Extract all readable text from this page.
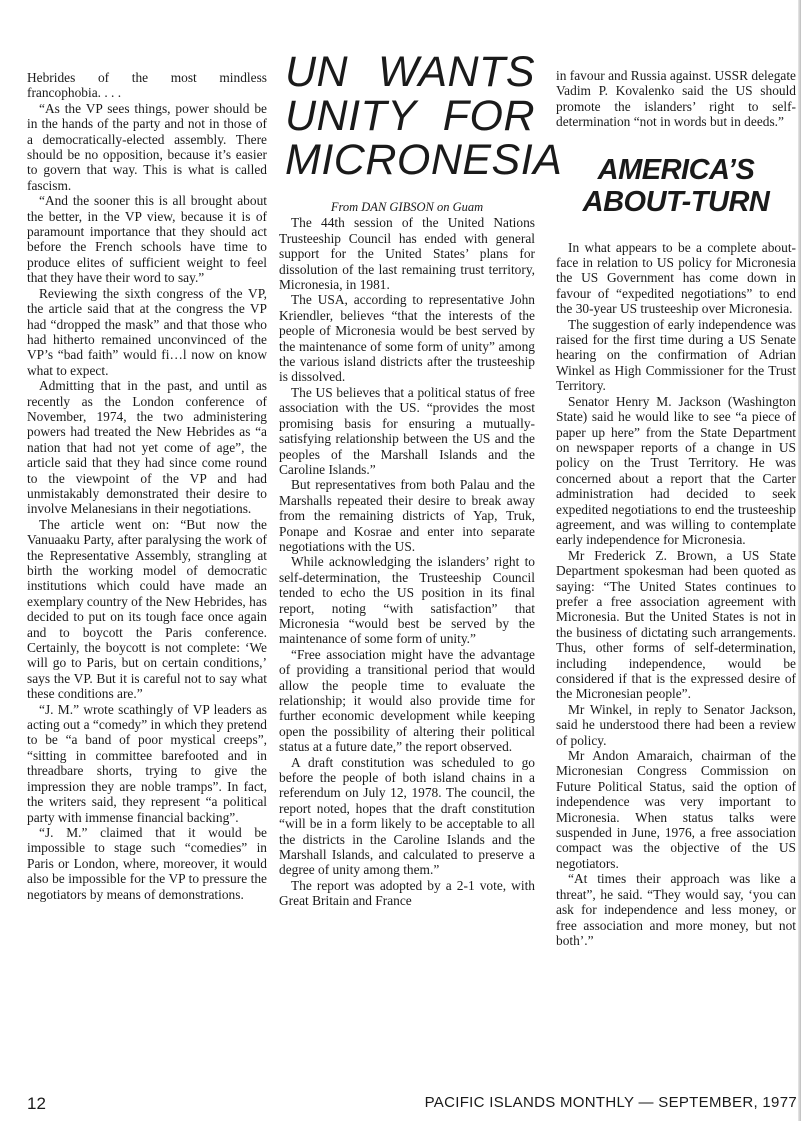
Hebrides of the most mindless francophobia. . . .

“As the VP sees things, power should be in the hands of the party and not in those of a democratically-elected assembly. There should be no opposition, because it’s easier to govern that way. This is what is called fascism.

“And the sooner this is all brought about the better, in the VP view, because it is of paramount importance that they should act before the French schools have time to produce elites of sufficient weight to feel that they have their word to say.”

Reviewing the sixth congress of the VP, the article said that at the congress the VP had “dropped the mask” and that those who had hitherto remained unconvinced of the VP’s “bad faith” would fi…l now on know what to expect.

Admitting that in the past, and until as recently as the London conference of November, 1974, the two administering powers had treated the New Hebrides as “a nation that had not yet come of age”, the article said that they had since come round to the viewpoint of the VP and had unmistakably demonstrated their desire to involve Melanesians in their negotiations.

The article went on: “But now the Vanuaaku Party, after paralysing the work of the Representative Assembly, strangling at birth the working model of democratic institutions which could have made an exemplary country of the New Hebrides, has decided to put on its tough face once again and to boycott the Paris conference. Certainly, the boycott is not complete: ‘We will go to Paris, but on certain conditions,’ says the VP. But it is careful not to say what these conditions are.”

“J. M.” wrote scathingly of VP leaders as acting out a “comedy” in which they pretend to be “a band of poor mystical creeps”, “sitting in committee barefooted and in threadbare shorts, trying to give the impression they are noble tramps”. In fact, the writers said, they represent “a political party with immense financial backing”.

“J. M.” claimed that it would be impossible to stage such “comedies” in Paris or London, where, moreover, it would also be impossible for the VP to pressure the negotiators by means of demonstrations.

UN WANTS UNITY FOR MICRONESIA

From DAN GIBSON on Guam

The 44th session of the United Nations Trusteeship Council has ended with general support for the United States’ plans for dissolution of the last remaining trust territory, Micronesia, in 1981.

The USA, according to representative John Kriendler, believes “that the interests of the people of Micronesia would be best served by the maintenance of some form of unity” among the various island districts after the trusteeship is dissolved.

The US believes that a political status of free association with the US. “provides the most promising basis for ensuring a mutually-satisfying relationship between the US and the peoples of the Marshall Islands and the Caroline Islands.”

But representatives from both Palau and the Marshalls repeated their desire to break away from the remaining districts of Yap, Truk, Ponape and Kosrae and enter into separate negotiations with the US.

While acknowledging the islanders’ right to self-determination, the Trusteeship Council tended to echo the US position in its final report, noting “with satisfaction” that Micronesia “would best be served by the maintenance of some form of unity.”

“Free association might have the advantage of providing a transitional period that would allow the people time to evaluate the relationship; it would also provide time for further economic development while keeping open the possibility of altering their political status at a future date,” the report observed.

A draft constitution was scheduled to go before the people of both island chains in a referendum on July 12, 1978. The council, the report noted, hopes that the draft constitution “will be in a form likely to be acceptable to all the districts in the Caroline Islands and the Marshall Islands, and calculated to preserve a degree of unity among them.”

The report was adopted by a 2-1 vote, with Great Britain and France

in favour and Russia against. USSR delegate Vadim P. Kovalenko said the US should promote the islanders’ right to self-determination “not in words but in deeds.”

AMERICA’S ABOUT-TURN

In what appears to be a complete about-face in relation to US policy for Micronesia the US Government has come down in favour of “expedited negotiations” to end the 30-year US trusteeship over Micronesia.

The suggestion of early independence was raised for the first time during a US Senate hearing on the confirmation of Adrian Winkel as High Commissioner for the Trust Territory.

Senator Henry M. Jackson (Washington State) said he would like to see “a piece of paper up here” from the State Department on newspaper reports of a change in US policy on the Trust Territory. He was concerned about a report that the Carter administration had decided to seek expedited negotiations to end the trusteeship agreement, and was willing to contemplate early independence for Micronesia.

Mr Frederick Z. Brown, a US State Department spokesman had been quoted as saying: “The United States continues to prefer a free association agreement with Micronesia. But the United States is not in the business of dictating such arrangements. Thus, other forms of self-determination, including independence, would be considered if that is the expressed desire of the Micronesian people”.

Mr Winkel, in reply to Senator Jackson, said he understood there had been a review of policy.

Mr Andon Amaraich, chairman of the Micronesian Congress Commission on Future Political Status, said the option of independence was very important to Micronesia. When status talks were suspended in June, 1976, a free association compact was the objective of the US negotiators.

“At times their approach was like a threat”, he said. “They would say, ‘you can ask for independence and less money, or free association and more money, but not both’.”

12	PACIFIC ISLANDS MONTHLY — SEPTEMBER, 1977
